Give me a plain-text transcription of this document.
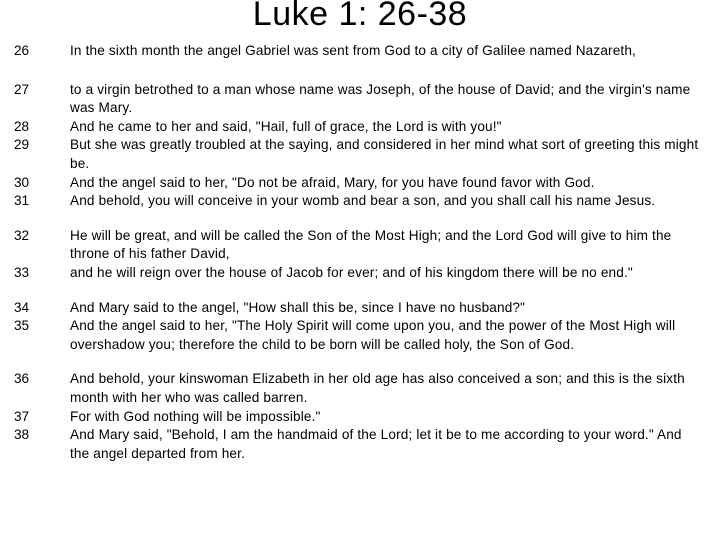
Luke 1: 26-38
26	In the sixth month the angel Gabriel was sent from God to a city of Galilee named Nazareth,
27	to a virgin betrothed to a man whose name was Joseph, of the house of David; and the virgin's name was Mary.
28	And he came to her and said, "Hail, full of grace, the Lord is with you!"
29	But she was greatly troubled at the saying, and considered in her mind what sort of greeting this might be.
30	And the angel said to her, "Do not be afraid, Mary, for you have found favor with God.
31	And behold, you will conceive in your womb and bear a son, and you shall call his name Jesus.
32	He will be great, and will be called the Son of the Most High; and the Lord God will give to him the throne of his father David,
33	and he will reign over the house of Jacob for ever; and of his kingdom there will be no end."
34	And Mary said to the angel, "How shall this be, since I have no husband?"
35	And the angel said to her, "The Holy Spirit will come upon you, and the power of the Most High will overshadow you; therefore the child to be born will be called holy, the Son of God.
36	And behold, your kinswoman Elizabeth in her old age has also conceived a son; and this is the sixth month with her who was called barren.
37	For with God nothing will be impossible."
38	And Mary said, "Behold, I am the handmaid of the Lord; let it be to me according to your word." And the angel departed from her.
